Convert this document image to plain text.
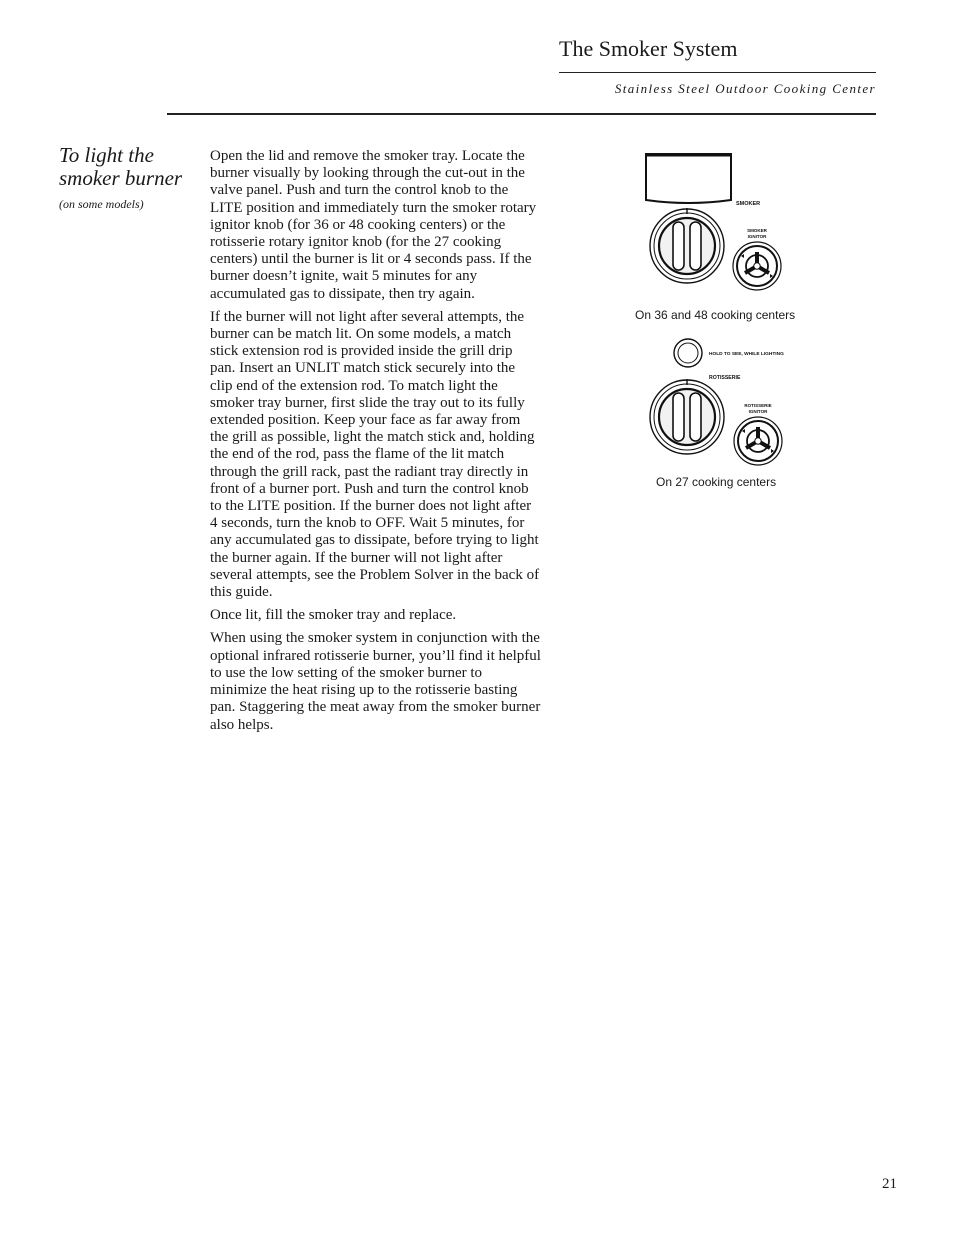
The Smoker System
Stainless Steel Outdoor Cooking Center
To light the smoker burner
(on some models)

Open the lid and remove the smoker tray. Locate the burner visually by looking through the cut-out in the valve panel. Push and turn the control knob to the LITE position and immediately turn the smoker rotary ignitor knob (for 36 or 48 cooking centers) or the rotisserie rotary ignitor knob (for the 27 cooking centers) until the burner is lit or 4 seconds pass. If the burner doesn’t ignite, wait 5 minutes for any accumulated gas to dissipate, then try again.

If the burner will not light after several attempts, the burner can be match lit. On some models, a match stick extension rod is provided inside the grill drip pan. Insert an UNLIT match stick securely into the clip end of the extension rod. To match light the smoker tray burner, first slide the tray out to its fully extended position. Keep your face as far away from the grill as possible, light the match stick and, holding the end of the rod, pass the flame of the lit match through the grill rack, past the radiant tray directly in front of a burner port. Push and turn the control knob to the LITE position. If the burner does not light after 4 seconds, turn the knob to OFF. Wait 5 minutes, for any accumulated gas to dissipate, before trying to light the burner again. If the burner will not light after several attempts, see the Problem Solver in the back of this guide.

Once lit, fill the smoker tray and replace.

When using the smoker system in conjunction with the optional infrared rotisserie burner, you’ll find it helpful to use the low setting of the smoker burner to minimize the heat rising up to the rotisserie basting pan. Staggering the meat away from the smoker burner also helps.

SMOKER
SMOKER
IGNITOR
On 36 and 48 cooking centers
HOLD TO SEE, WHILE LIGHTING
ROTISSERIE
ROTISSERIE
IGNITOR
On 27 cooking centers
21
